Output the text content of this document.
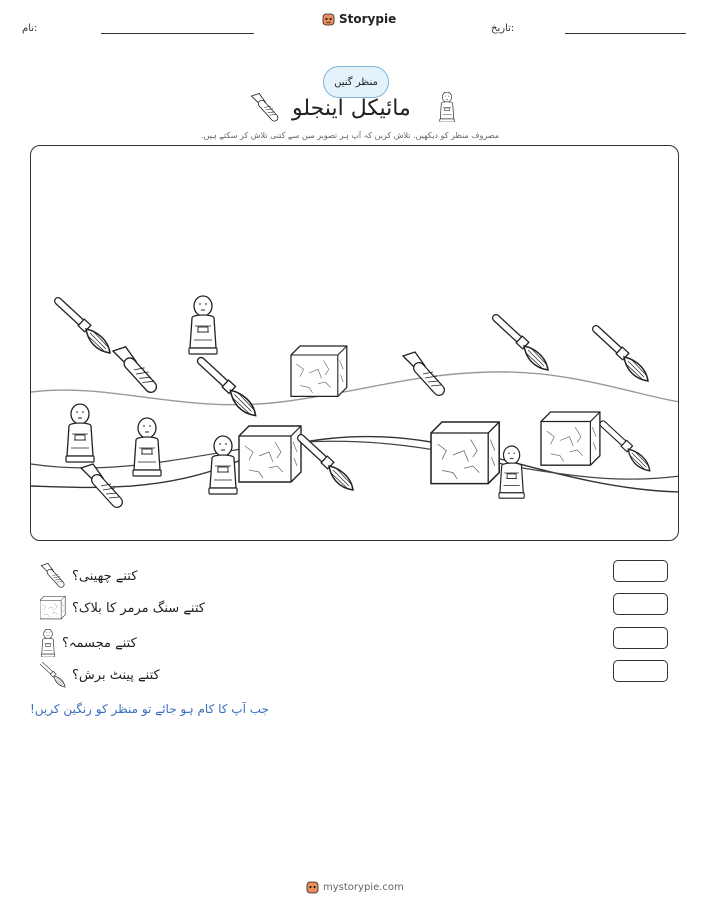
نام:
Storypie
تاریخ:
منظر گنیں
مائیکل اینجلو
مصروف منظر کو دیکھیں. تلاش کریں کہ آپ ہر تصویر میں سے کتنی تلاش کر سکتے ہیں.
کتنے چھینی؟
کتنے سنگ مرمر کا بلاک؟
کتنے مجسمہ؟
کتنے پینٹ برش؟
جب آپ کا کام ہو جائے تو منظر کو رنگین کریں!
mystorypie.com
